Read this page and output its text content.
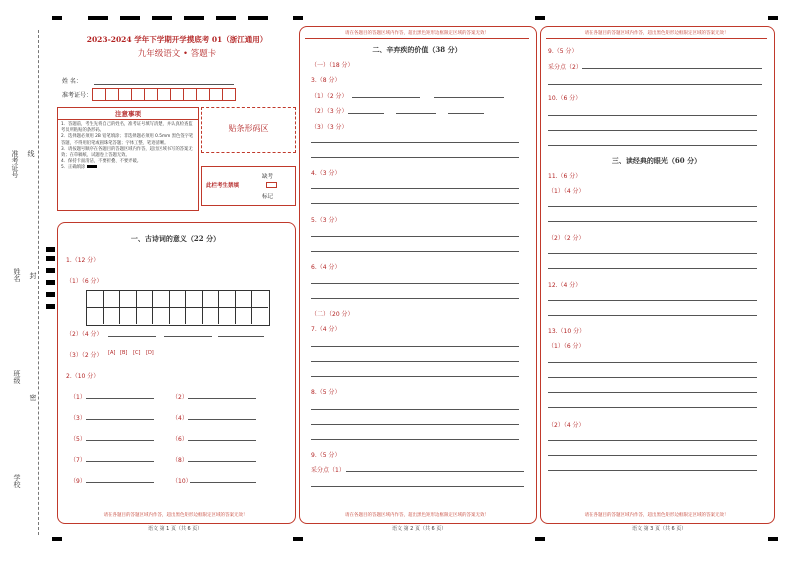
准考证号 线
姓名 封
班级
密
学校
2023-2024 学年下学期开学摸底考 01（浙江通用）
九年级语文 • 答题卡
姓 名：
准考证号：
注意事项
1．答题前，考生先将自己的姓名，准考证号填写清楚，并认真检查监考员所粘贴的条形码。
2．选择题必须用 2B 铅笔填涂；非选择题必须用 0.5mm 黑色签字笔答题，不得用铅笔或圆珠笔答题；字体工整、笔迹清晰。
3．请按题号顺序在各题目的答题区域内作答，超出区域书写的答案无效；在草稿纸、试题卷上答题无效。
4．保持卡面清洁，不要折叠、不要弄破。
5．正确填涂
贴条形码区
此栏考生禁填
缺考
标记
一、古诗词的意义（22 分）
1.（12 分）
（1）（6 分）
（2）（4 分）
（3）（2 分） [A] [B] [C] [D]
2.（10 分）
（1）	（2）
（3）	（4）
（5）	（6）
（7）	（8）
（9）	（10）
请在各题目的答题区域内作答，超出黑色矩形边框限定区域的答案无效！
语文 第 1 页（共 6 页）
请在各题目的答题区域内作答，超出黑色矩形边框限定区域的答案无效！
二、辛弃疾的价值（38 分）
（一）（18 分）
3.（8 分）
（1）（2 分）
（2）（3 分）
（3）（3 分）
4.（3 分）
5.（3 分）
6.（4 分）
（二）（20 分）
7.（4 分）
8.（5 分）
9.（5 分）
采分点（1）
请在各题目的答题区域内作答，超出黑色矩形边框限定区域的答案无效！
语文 第 2 页（共 6 页）
请在各题目的答题区域内作答，超出黑色矩形边框限定区域的答案无效！
9.（5 分）
采分点（2）
10.（6 分）
三、读经典的眼光（60 分）
11.（6 分）
（1）（4 分）
（2）（2 分）
12.（4 分）
13.（10 分）
（1）（6 分）
（2）（4 分）
请在各题目的答题区域内作答，超出黑色矩形边框限定区域的答案无效！
语文 第 3 页（共 6 页）
